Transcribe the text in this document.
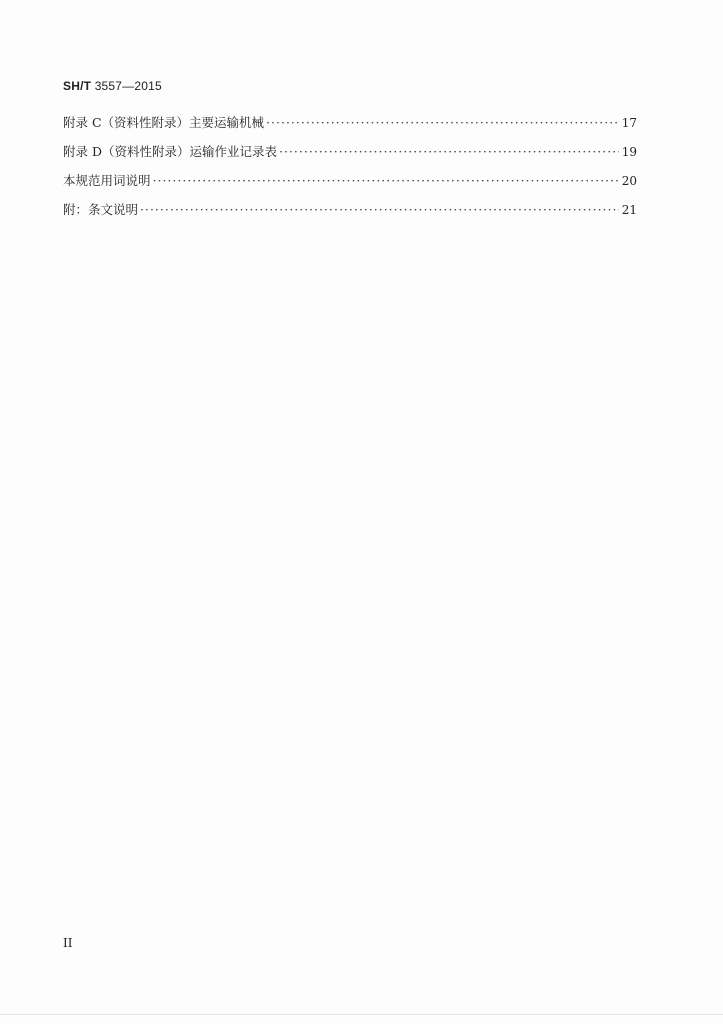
SH/T 3557—2015
附录 C（资料性附录）主要运输机械 ·····	17
附录 D（资料性附录）运输作业记录表 ·····	19
本规范用词说明 ·····	20
附：条文说明 ·····	21
II
